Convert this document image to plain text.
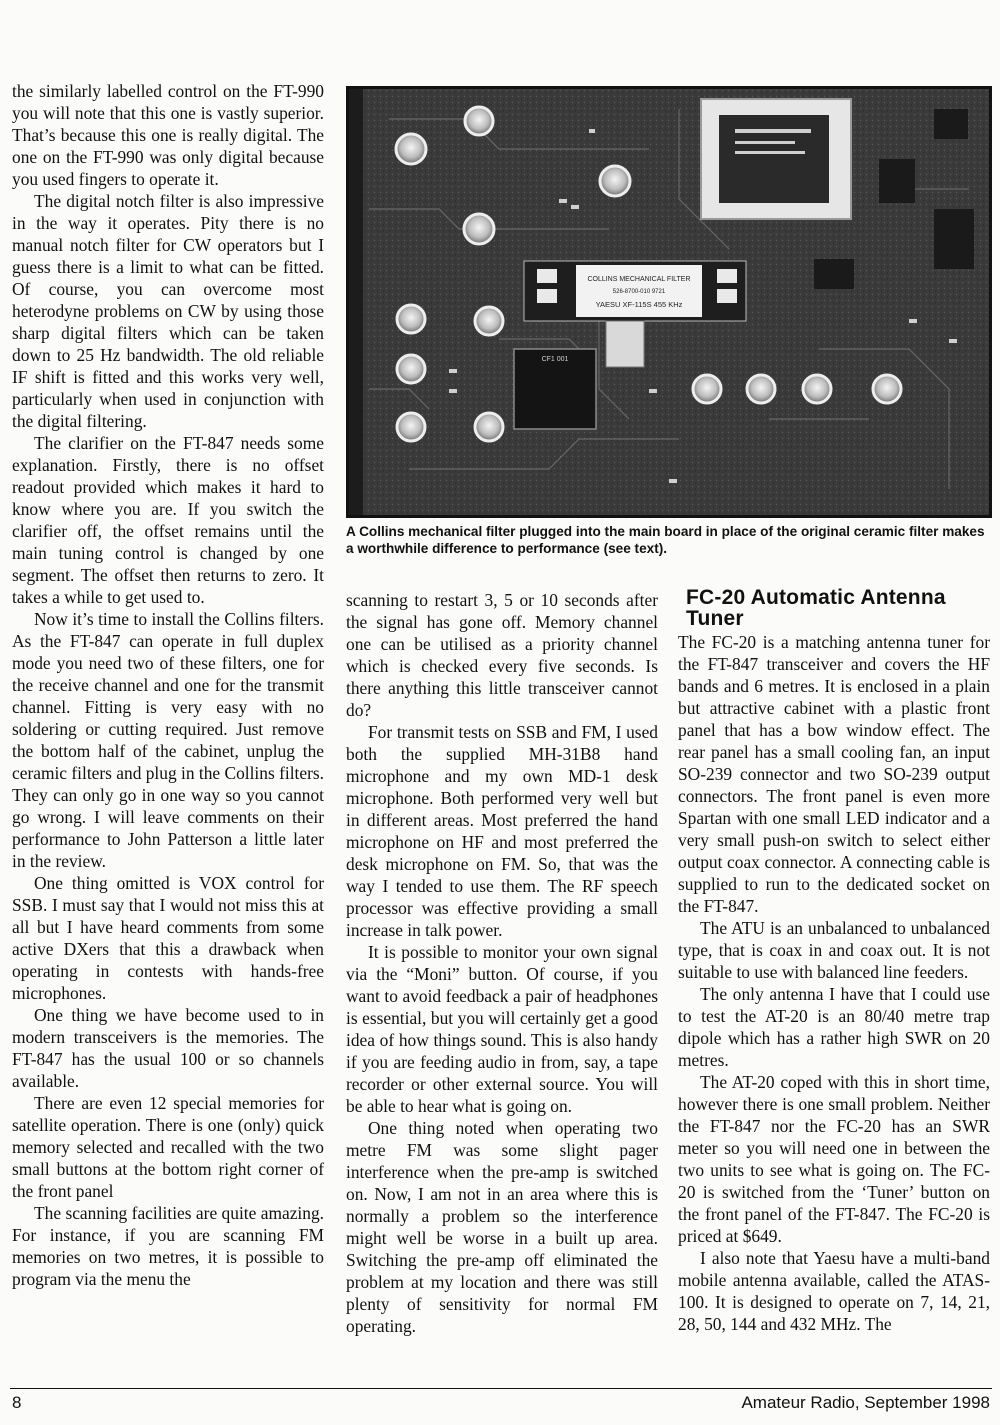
the similarly labelled control on the FT-990 you will note that this one is vastly superior. That’s because this one is really digital. The one on the FT-990 was only digital because you used fingers to operate it.

The digital notch filter is also impressive in the way it operates. Pity there is no manual notch filter for CW operators but I guess there is a limit to what can be fitted. Of course, you can overcome most heterodyne problems on CW by using those sharp digital filters which can be taken down to 25 Hz bandwidth. The old reliable IF shift is fitted and this works very well, particularly when used in conjunction with the digital filtering.

The clarifier on the FT-847 needs some explanation. Firstly, there is no offset readout provided which makes it hard to know where you are. If you switch the clarifier off, the offset remains until the main tuning control is changed by one segment. The offset then returns to zero. It takes a while to get used to.

Now it’s time to install the Collins filters. As the FT-847 can operate in full duplex mode you need two of these filters, one for the receive channel and one for the transmit channel. Fitting is very easy with no soldering or cutting required. Just remove the bottom half of the cabinet, unplug the ceramic filters and plug in the Collins filters. They can only go in one way so you cannot go wrong. I will leave comments on their performance to John Patterson a little later in the review.

One thing omitted is VOX control for SSB. I must say that I would not miss this at all but I have heard comments from some active DXers that this a drawback when operating in contests with hands-free microphones.

One thing we have become used to in modern transceivers is the memories. The FT-847 has the usual 100 or so channels available.

There are even 12 special memories for satellite operation. There is one (only) quick memory selected and recalled with the two small buttons at the bottom right corner of the front panel

The scanning facilities are quite amazing. For instance, if you are scanning FM memories on two metres, it is possible to program via the menu the

COLLINS MECHANICAL FILTER
526-8700-010 9721
YAESU XF-115S 455 KHz
CF1 001
A Collins mechanical filter plugged into the main board in place of the original ceramic filter makes a worthwhile difference to performance (see text).

scanning to restart 3, 5 or 10 seconds after the signal has gone off. Memory channel one can be utilised as a priority channel which is checked every five seconds. Is there anything this little transceiver cannot do?

For transmit tests on SSB and FM, I used both the supplied MH-31B8 hand microphone and my own MD-1 desk microphone. Both performed very well but in different areas. Most preferred the hand microphone on HF and most preferred the desk microphone on FM. So, that was the way I tended to use them. The RF speech processor was effective providing a small increase in talk power.

It is possible to monitor your own signal via the “Moni” button. Of course, if you want to avoid feedback a pair of headphones is essential, but you will certainly get a good idea of how things sound. This is also handy if you are feeding audio in from, say, a tape recorder or other external source. You will be able to hear what is going on.

One thing noted when operating two metre FM was some slight pager interference when the pre-amp is switched on. Now, I am not in an area where this is normally a problem so the interference might well be worse in a built up area. Switching the pre-amp off eliminated the problem at my location and there was still plenty of sensitivity for normal FM operating.

FC-20 Automatic Antenna Tuner

The FC-20 is a matching antenna tuner for the FT-847 transceiver and covers the HF bands and 6 metres. It is enclosed in a plain but attractive cabinet with a plastic front panel that has a bow window effect. The rear panel has a small cooling fan, an input SO-239 connector and two SO-239 output connectors. The front panel is even more Spartan with one small LED indicator and a very small push-on switch to select either output coax connector. A connecting cable is supplied to run to the dedicated socket on the FT-847.

The ATU is an unbalanced to unbalanced type, that is coax in and coax out. It is not suitable to use with balanced line feeders.

The only antenna I have that I could use to test the AT-20 is an 80/40 metre trap dipole which has a rather high SWR on 20 metres.

The AT-20 coped with this in short time, however there is one small problem. Neither the FT-847 nor the FC-20 has an SWR meter so you will need one in between the two units to see what is going on. The FC-20 is switched from the ‘Tuner’ button on the front panel of the FT-847. The FC-20 is priced at $649.

I also note that Yaesu have a multi-band mobile antenna available, called the ATAS-100. It is designed to operate on 7, 14, 21, 28, 50, 144 and 432 MHz. The

8	Amateur Radio, September 1998
